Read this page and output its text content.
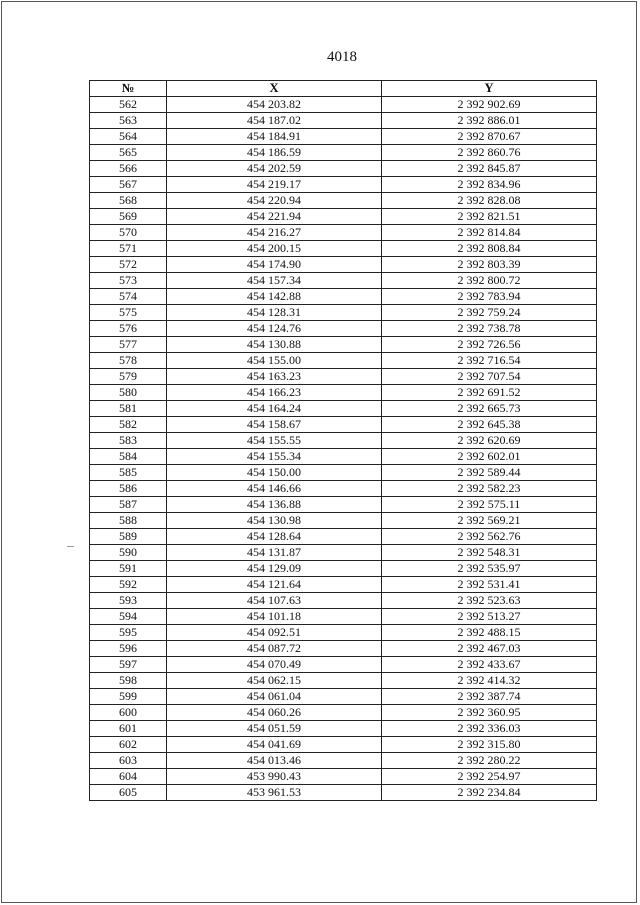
4018
№	X	Y
562	454 203.82	2 392 902.69
563	454 187.02	2 392 886.01
564	454 184.91	2 392 870.67
565	454 186.59	2 392 860.76
566	454 202.59	2 392 845.87
567	454 219.17	2 392 834.96
568	454 220.94	2 392 828.08
569	454 221.94	2 392 821.51
570	454 216.27	2 392 814.84
571	454 200.15	2 392 808.84
572	454 174.90	2 392 803.39
573	454 157.34	2 392 800.72
574	454 142.88	2 392 783.94
575	454 128.31	2 392 759.24
576	454 124.76	2 392 738.78
577	454 130.88	2 392 726.56
578	454 155.00	2 392 716.54
579	454 163.23	2 392 707.54
580	454 166.23	2 392 691.52
581	454 164.24	2 392 665.73
582	454 158.67	2 392 645.38
583	454 155.55	2 392 620.69
584	454 155.34	2 392 602.01
585	454 150.00	2 392 589.44
586	454 146.66	2 392 582.23
587	454 136.88	2 392 575.11
588	454 130.98	2 392 569.21
589	454 128.64	2 392 562.76
590	454 131.87	2 392 548.31
591	454 129.09	2 392 535.97
592	454 121.64	2 392 531.41
593	454 107.63	2 392 523.63
594	454 101.18	2 392 513.27
595	454 092.51	2 392 488.15
596	454 087.72	2 392 467.03
597	454 070.49	2 392 433.67
598	454 062.15	2 392 414.32
599	454 061.04	2 392 387.74
600	454 060.26	2 392 360.95
601	454 051.59	2 392 336.03
602	454 041.69	2 392 315.80
603	454 013.46	2 392 280.22
604	453 990.43	2 392 254.97
605	453 961.53	2 392 234.84
